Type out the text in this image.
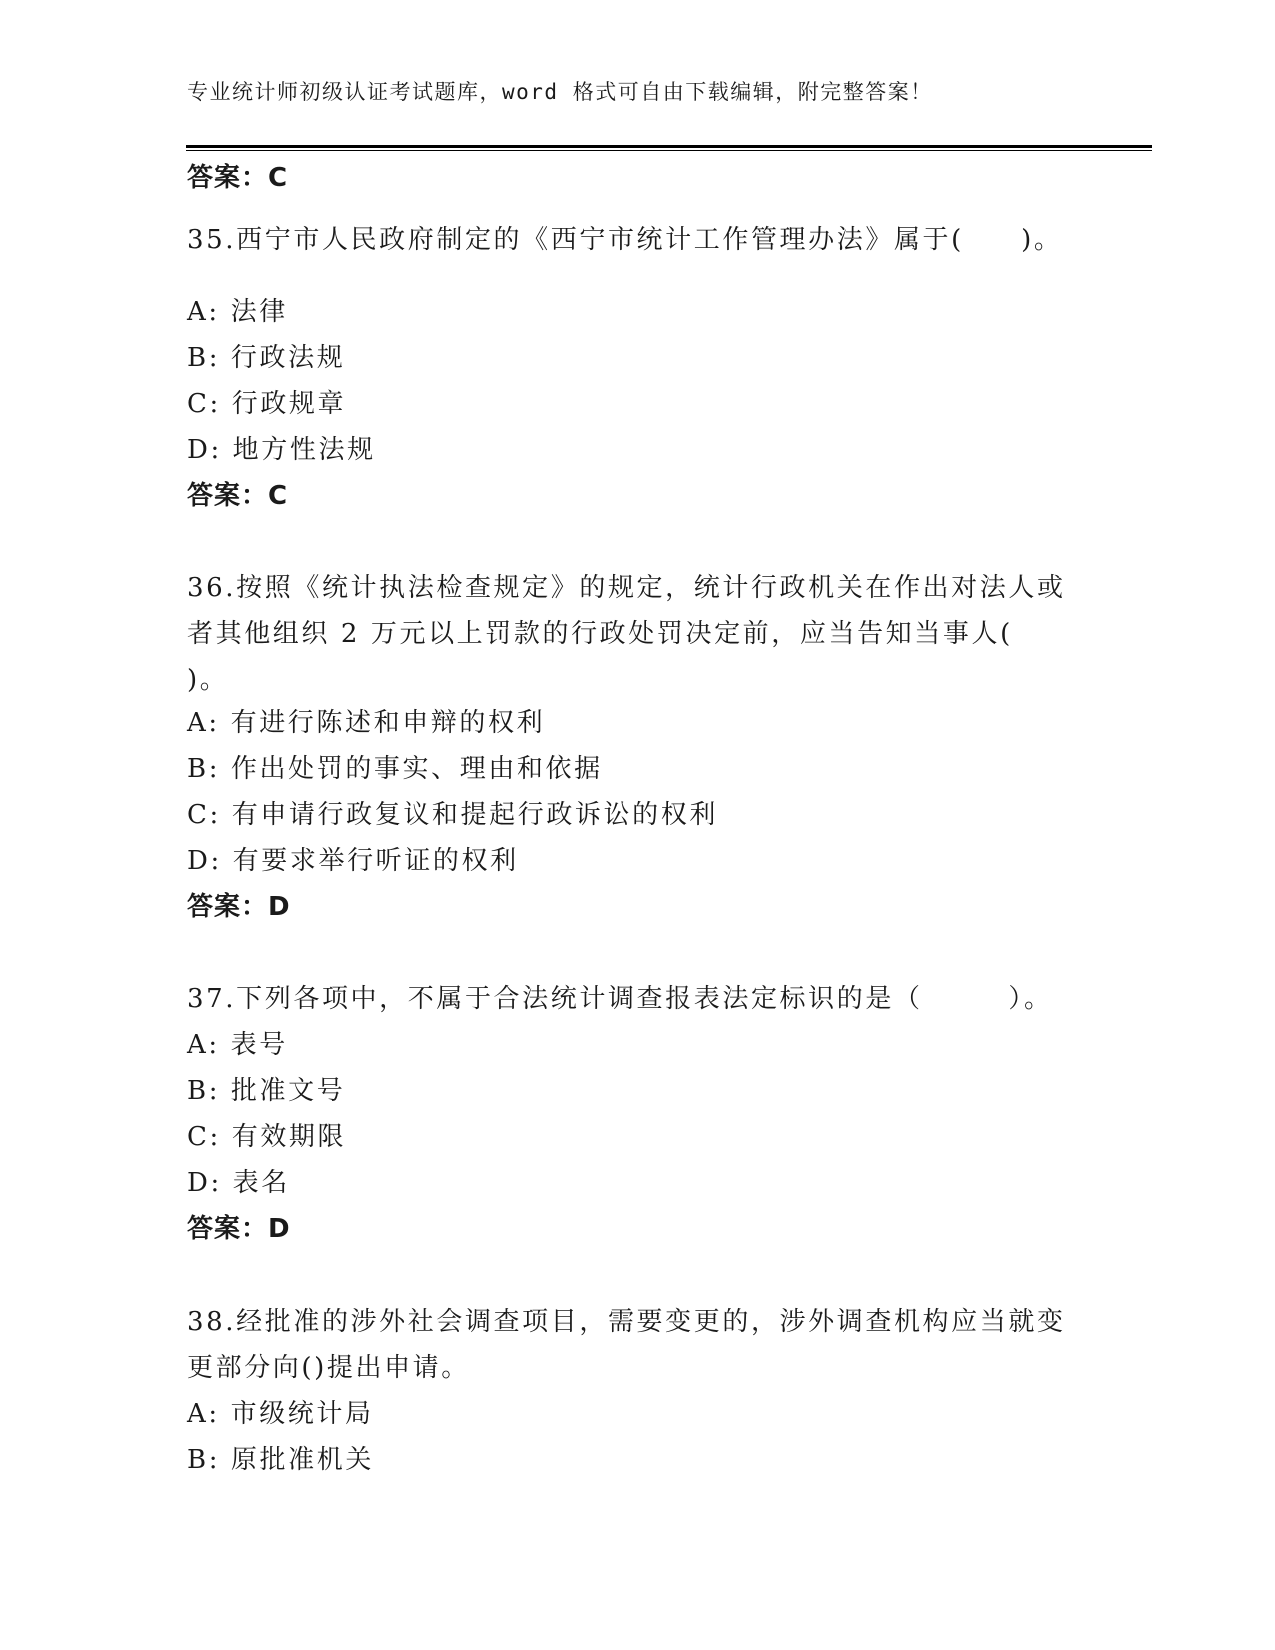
专业统计师初级认证考试题库，word 格式可自由下载编辑，附完整答案！
答案：C
35.西宁市人民政府制定的《西宁市统计工作管理办法》属于(　　)。
A: 法律
B: 行政法规
C: 行政规章
D: 地方性法规
答案：C
36.按照《统计执法检查规定》的规定，统计行政机关在作出对法人或
者其他组织 2 万元以上罚款的行政处罚决定前，应当告知当事人(
)。
A: 有进行陈述和申辩的权利
B: 作出处罚的事实、理由和依据
C: 有申请行政复议和提起行政诉讼的权利
D: 有要求举行听证的权利
答案：D
37.下列各项中，不属于合法统计调查报表法定标识的是（　　　）。
A: 表号
B: 批准文号
C: 有效期限
D: 表名
答案：D
38.经批准的涉外社会调查项目，需要变更的，涉外调查机构应当就变
更部分向()提出申请。
A: 市级统计局
B: 原批准机关
